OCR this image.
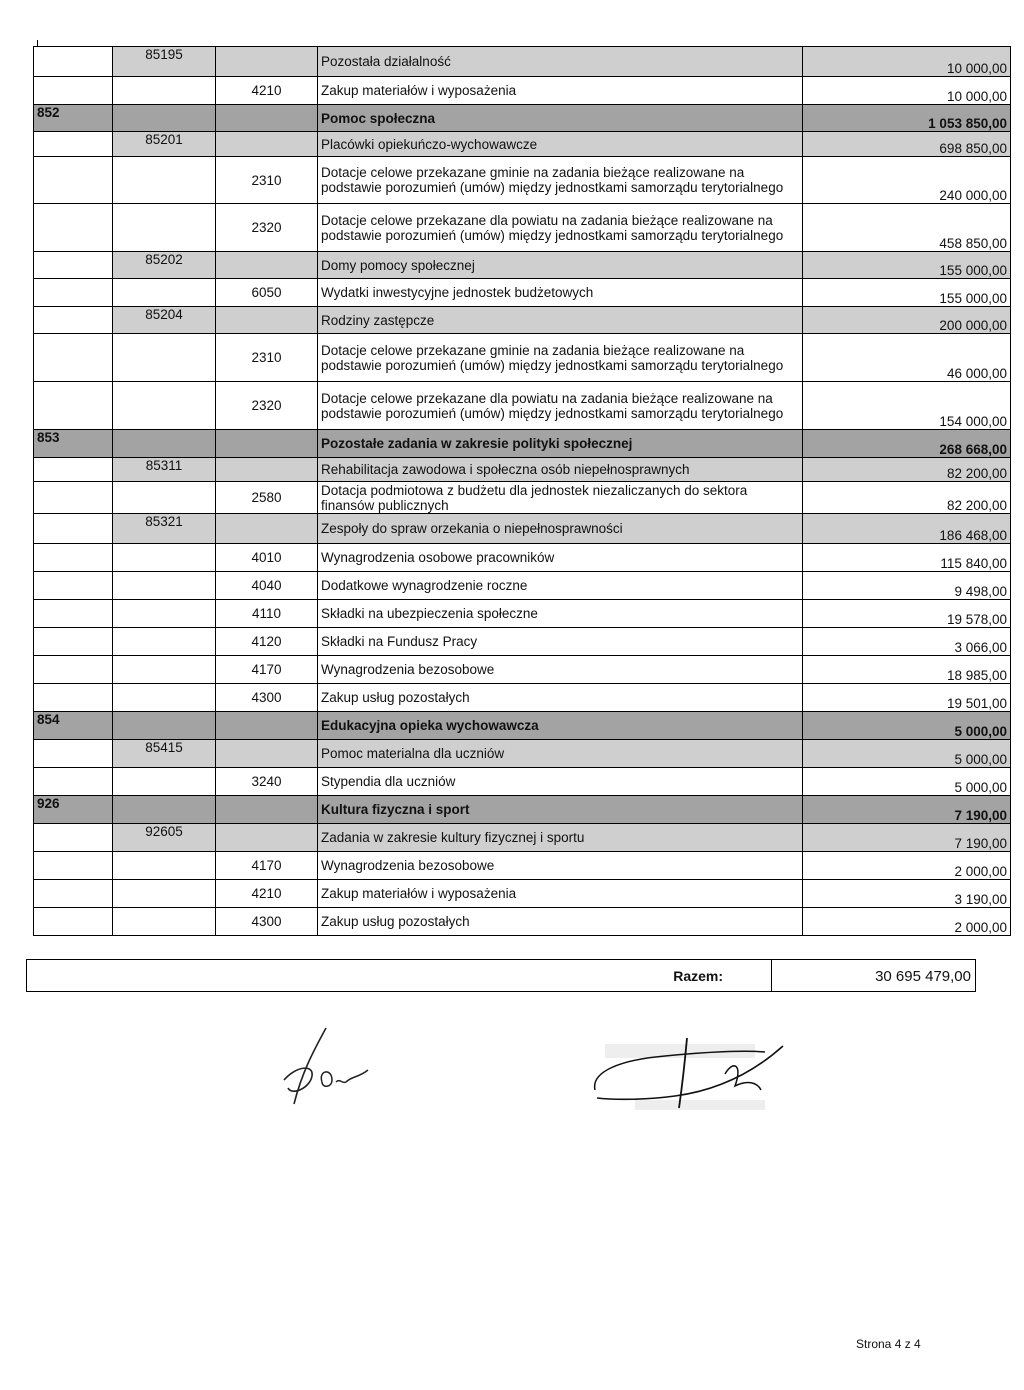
	85195		Pozostała działalność	10 000,00
		4210	Zakup materiałów i wyposażenia	10 000,00
852			Pomoc społeczna	1 053 850,00
	85201		Placówki opiekuńczo-wychowawcze	698 850,00
		2310	Dotacje celowe przekazane gminie na zadania bieżące realizowane na podstawie porozumień (umów) między jednostkami samorządu terytorialnego	240 000,00
		2320	Dotacje celowe przekazane dla powiatu na zadania bieżące realizowane na podstawie porozumień (umów) między jednostkami samorządu terytorialnego	458 850,00
	85202		Domy pomocy społecznej	155 000,00
		6050	Wydatki inwestycyjne jednostek budżetowych	155 000,00
	85204		Rodziny zastępcze	200 000,00
		2310	Dotacje celowe przekazane gminie na zadania bieżące realizowane na podstawie porozumień (umów) między jednostkami samorządu terytorialnego	46 000,00
		2320	Dotacje celowe przekazane dla powiatu na zadania bieżące realizowane na podstawie porozumień (umów) między jednostkami samorządu terytorialnego	154 000,00
853			Pozostałe zadania w zakresie polityki społecznej	268 668,00
	85311		Rehabilitacja zawodowa i społeczna osób niepełnosprawnych	82 200,00
		2580	Dotacja podmiotowa z budżetu dla jednostek niezaliczanych do sektora finansów publicznych	82 200,00
	85321		Zespoły do spraw orzekania o niepełnosprawności	186 468,00
		4010	Wynagrodzenia osobowe pracowników	115 840,00
		4040	Dodatkowe wynagrodzenie roczne	9 498,00
		4110	Składki na ubezpieczenia społeczne	19 578,00
		4120	Składki na Fundusz Pracy	3 066,00
		4170	Wynagrodzenia bezosobowe	18 985,00
		4300	Zakup usług pozostałych	19 501,00
854			Edukacyjna opieka wychowawcza	5 000,00
	85415		Pomoc materialna dla uczniów	5 000,00
		3240	Stypendia dla uczniów	5 000,00
926			Kultura fizyczna i sport	7 190,00
	92605		Zadania w zakresie kultury fizycznej i sportu	7 190,00
		4170	Wynagrodzenia bezosobowe	2 000,00
		4210	Zakup materiałów i wyposażenia	3 190,00
		4300	Zakup usług pozostałych	2 000,00
Razem:	30 695 479,00
Strona 4 z 4
